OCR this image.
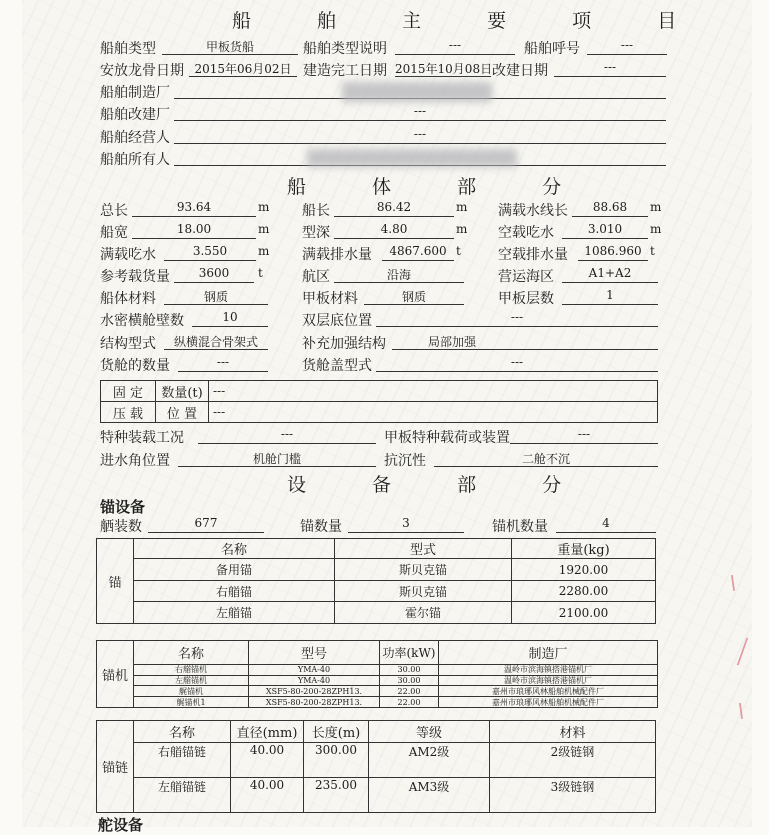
船 舶 主 要 项 目
船舶类型	甲板货船	船舶类型说明	---	船舶呼号	---
安放龙骨日期 2015年06月02日 建造完工日期 2015年10月08日 改建日期	---
船舶制造厂
船舶改建厂	---
船舶经营人	---
船舶所有人
船 体 部 分
总长	93.64	m 船长	86.42	m 满载水线长	88.68	m
船宽	18.00	m 型深	4.80	m 空载吃水	3.010	m
满载吃水	3.550	m 满载排水量	4867.600 t	空载排水量	1086.960 t
参考载货量	3600	t	航区	沿海	营运海区	A1+A2
船体材料	钢质	甲板材料	钢质	甲板层数	1
水密横舱壁数	10	双层底位置	---
结构型式	纵横混合骨架式	补充加强结构	局部加强
货舱的数量	---	货舱盖型式	---
固 定	数量(t)	---
压 载	位 置	---
特种装载工况	---	甲板特种载荷或装置	---
进水角位置	机舱门槛	抗沉性	二舱不沉
设 备 部 分
锚设备
舾装数	677	锚数量	3	锚机数量	4
锚	名称	型式	重量(kg)
	备用锚	斯贝克锚	1920.00
	右艏锚	斯贝克锚	2280.00
	左艏锚	霍尔锚	2100.00
锚机	名称	型号	功率(kW)	制造厂
	右艏锚机	YMA-40	30.00	温岭市滨海镇搭港锚机厂
	左艏锚机	YMA-40	30.00	温岭市滨海镇搭港锚机厂
	艉锚机	XSF5-80-200-28ZPH13.	22.00	嘉州市琅琊风林船舶机械配件厂
	艉锚机1	XSF5-80-200-28ZPH13.	22.00	嘉州市琅琊风林船舶机械配件厂
锚链	名称	直径(mm)	长度(m)	等级	材料
	右艏锚链	40.00	300.00	AM2级	2级链钢
	左艏锚链	40.00	235.00	AM3级	3级链钢
舵设备
ǀ
╱
ǀ
